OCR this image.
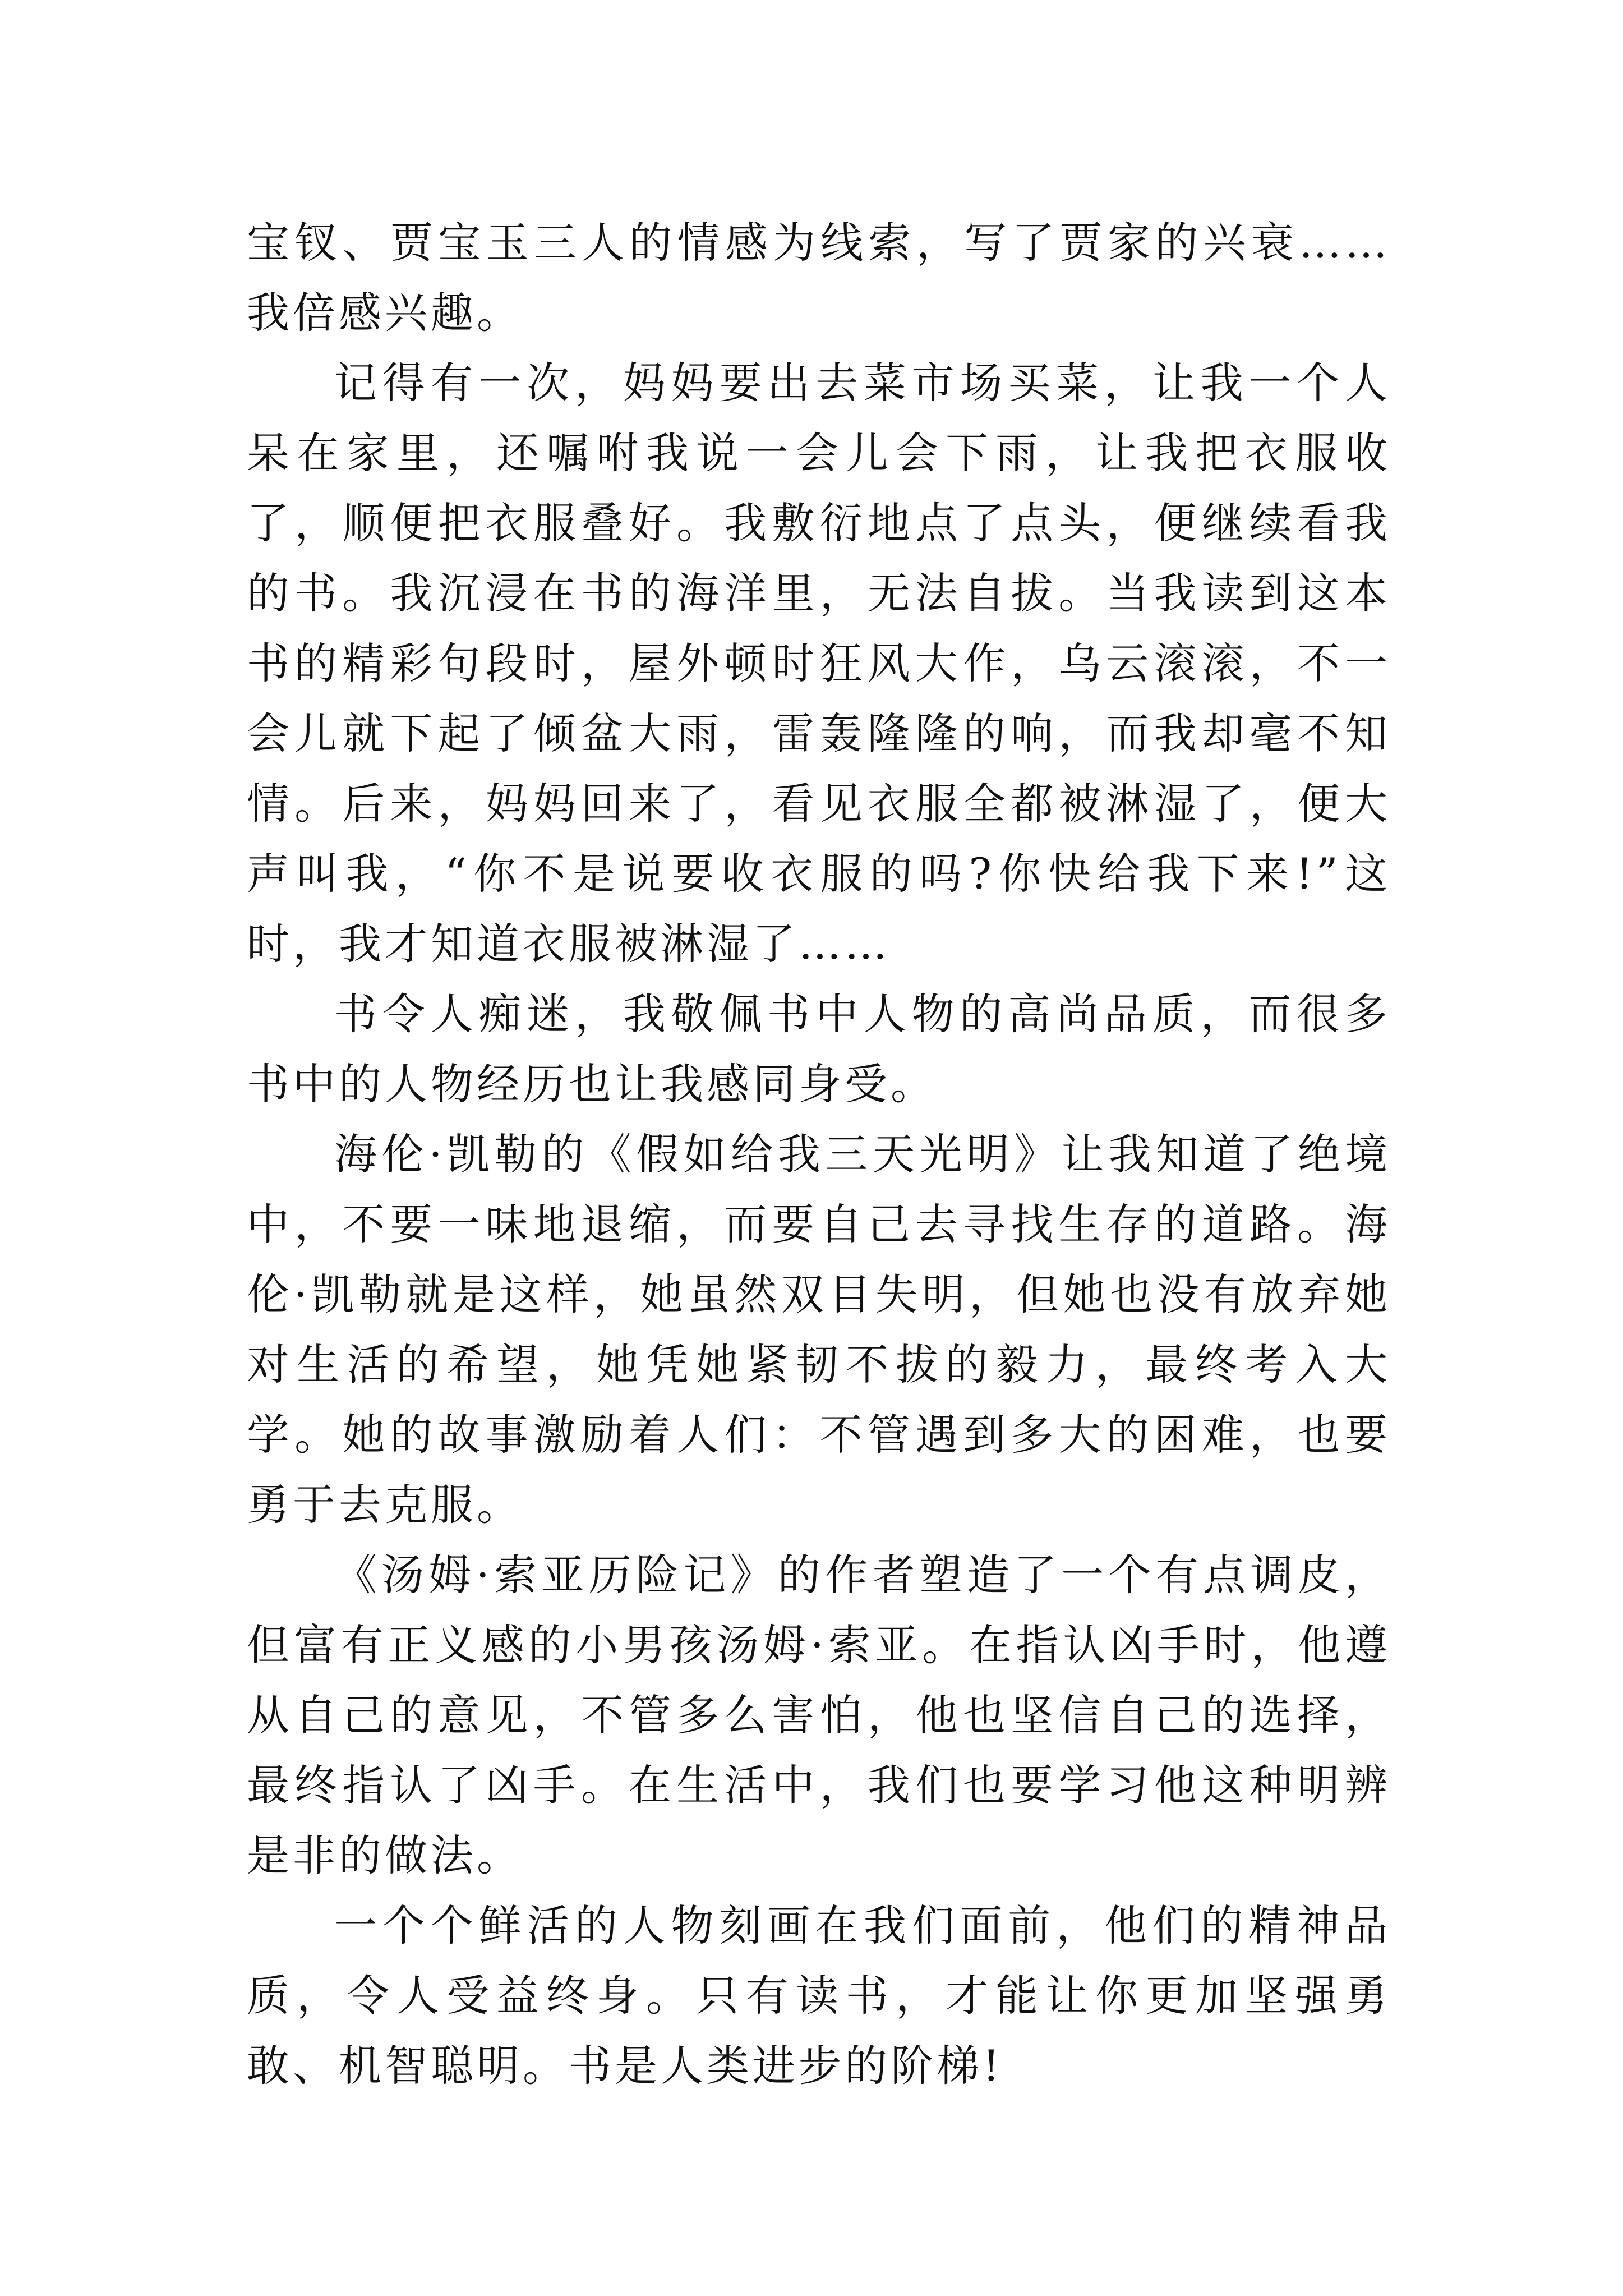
宝钗、贾宝玉三人的情感为线索，写了贾家的兴衰……我倍感兴趣。

记得有一次，妈妈要出去菜市场买菜，让我一个人呆在家里，还嘱咐我说一会儿会下雨，让我把衣服收了，顺便把衣服叠好。我敷衍地点了点头，便继续看我的书。我沉浸在书的海洋里，无法自拔。当我读到这本书的精彩句段时，屋外顿时狂风大作，乌云滚滚，不一会儿就下起了倾盆大雨，雷轰隆隆的响，而我却毫不知情。后来，妈妈回来了，看见衣服全都被淋湿了，便大声叫我，“你不是说要收衣服的吗?你快给我下来!”这时，我才知道衣服被淋湿了……

书令人痴迷，我敬佩书中人物的高尚品质，而很多书中的人物经历也让我感同身受。

海伦·凯勒的《假如给我三天光明》让我知道了绝境中，不要一味地退缩，而要自己去寻找生存的道路。海伦·凯勒就是这样，她虽然双目失明，但她也没有放弃她对生活的希望，她凭她紧韧不拔的毅力，最终考入大学。她的故事激励着人们：不管遇到多大的困难，也要勇于去克服。

《汤姆·索亚历险记》的作者塑造了一个有点调皮，但富有正义感的小男孩汤姆·索亚。在指认凶手时，他遵从自己的意见，不管多么害怕，他也坚信自己的选择，最终指认了凶手。在生活中，我们也要学习他这种明辨是非的做法。

一个个鲜活的人物刻画在我们面前，他们的精神品质，令人受益终身。只有读书，才能让你更加坚强勇敢、机智聪明。书是人类进步的阶梯!
